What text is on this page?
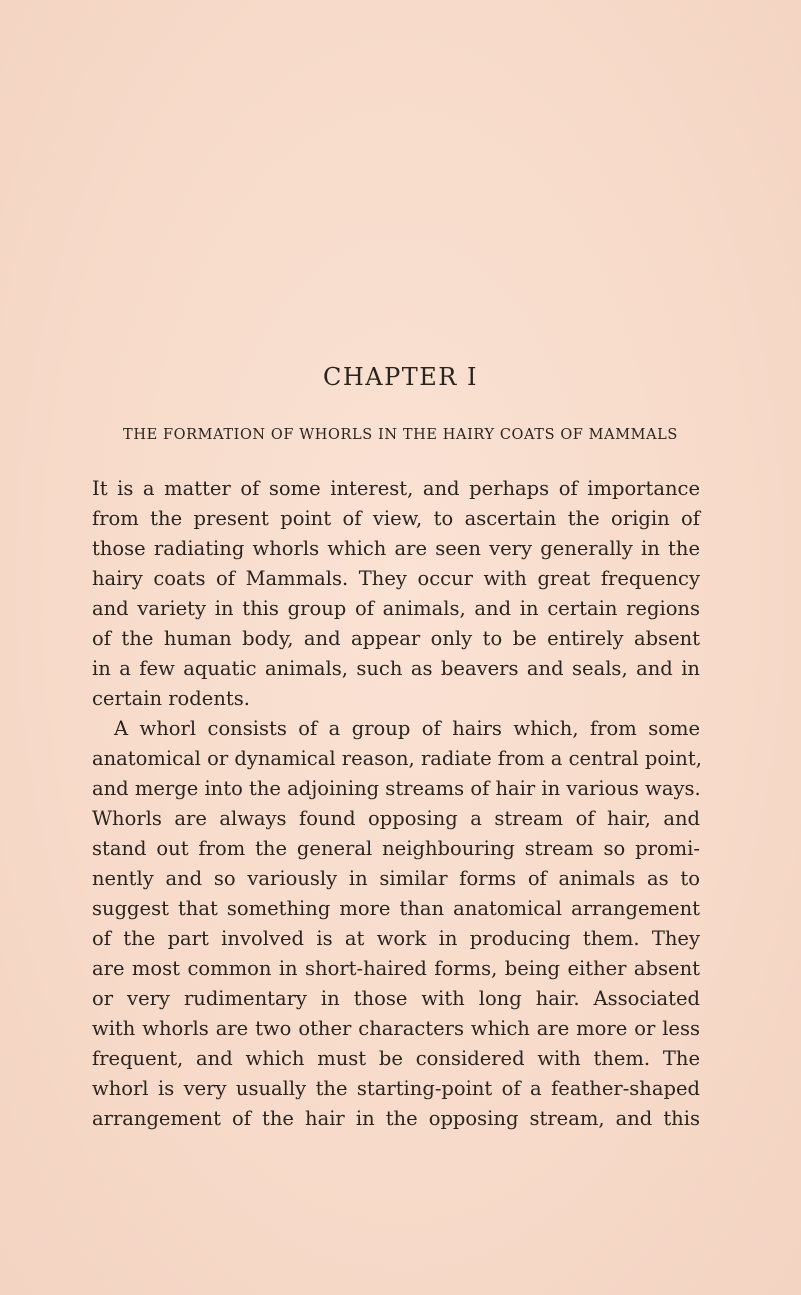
CHAPTER I
THE FORMATION OF WHORLS IN THE HAIRY COATS OF MAMMALS
It is a matter of some interest, and perhaps of importance
from the present point of view, to ascertain the origin of
those radiating whorls which are seen very generally in the
hairy coats of Mammals. They occur with great frequency
and variety in this group of animals, and in certain regions
of the human body, and appear only to be entirely absent
in a few aquatic animals, such as beavers and seals, and in
certain rodents.
A whorl consists of a group of hairs which, from some
anatomical or dynamical reason, radiate from a central point,
and merge into the adjoining streams of hair in various ways.
Whorls are always found opposing a stream of hair, and
stand out from the general neighbouring stream so promi-
nently and so variously in similar forms of animals as to
suggest that something more than anatomical arrangement
of the part involved is at work in producing them. They
are most common in short-haired forms, being either absent
or very rudimentary in those with long hair. Associated
with whorls are two other characters which are more or less
frequent, and which must be considered with them. The
whorl is very usually the starting-point of a feather-shaped
arrangement of the hair in the opposing stream, and this
